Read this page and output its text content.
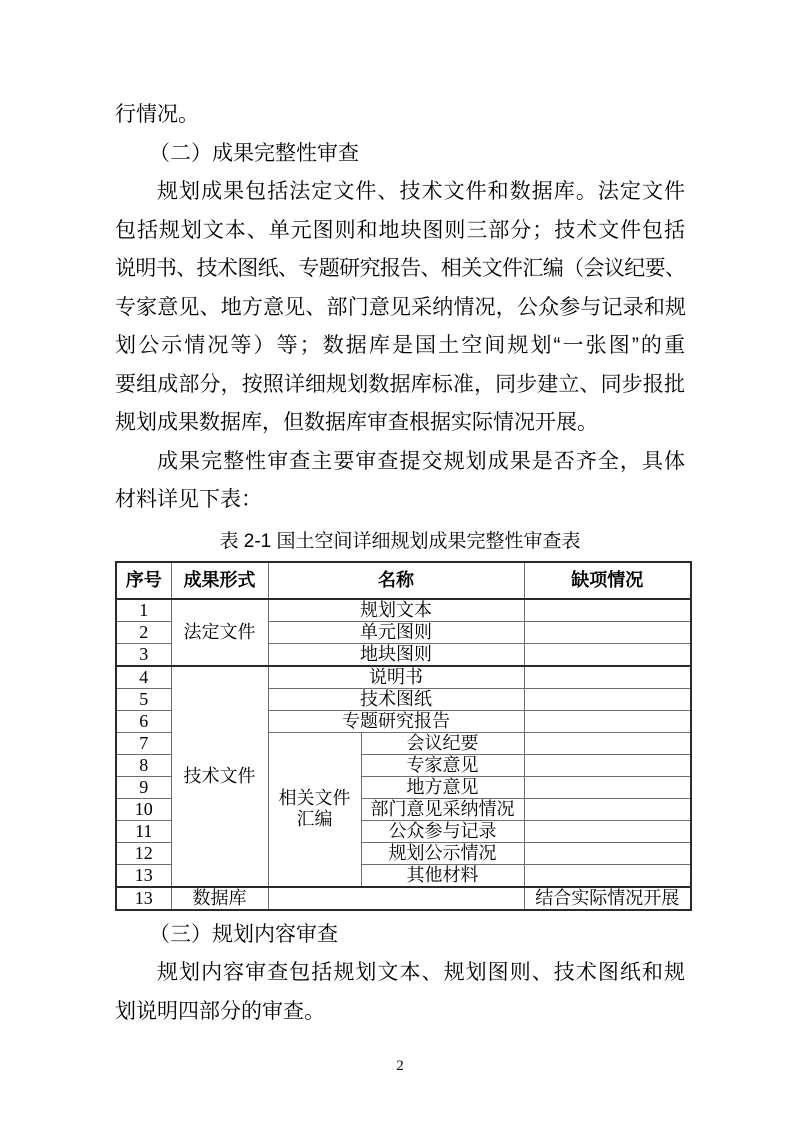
行情况。
（二）成果完整性审查
规划成果包括法定文件、技术文件和数据库。法定文件
包括规划文本、单元图则和地块图则三部分；技术文件包括
说明书、技术图纸、专题研究报告、相关文件汇编（会议纪要、
专家意见、地方意见、部门意见采纳情况，公众参与记录和规
划公示情况等）等；数据库是国土空间规划“一张图”的重
要组成部分，按照详细规划数据库标准，同步建立、同步报批
规划成果数据库，但数据库审查根据实际情况开展。
成果完整性审查主要审查提交规划成果是否齐全，具体
材料详见下表：
表 2-1 国土空间详细规划成果完整性审查表
序号	成果形式	名称		缺项情况
1	法定文件	规划文本		
2		单元图则		
3		地块图则		
4	技术文件	说明书		
5		技术图纸		
6		专题研究报告		
7		相关文件汇编	会议纪要	
8			专家意见	
9			地方意见	
10			部门意见采纳情况	
11			公众参与记录	
12			规划公示情况	
13			其他材料	
13	数据库			结合实际情况开展
（三）规划内容审查
规划内容审查包括规划文本、规划图则、技术图纸和规
划说明四部分的审查。
2
